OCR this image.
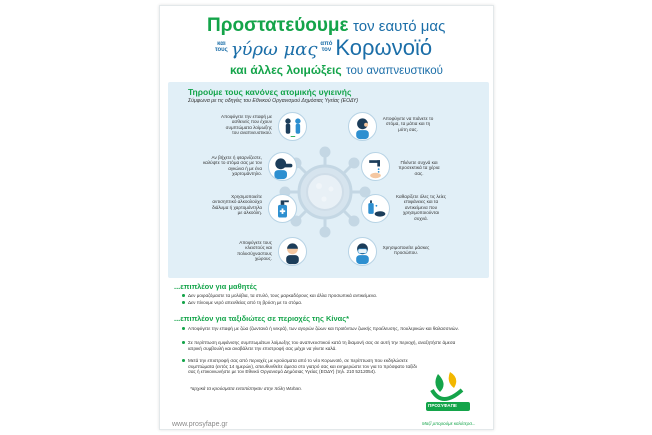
Προστατεύουμε τον εαυτό μας
και
τους γύρω μας από
τον Κορωνοϊό
και άλλες λοιμώξεις του αναπνευστικού
Τηρούμε τους κανόνες ατομικής υγιεινής
Σύμφωνα με τις οδηγίες του Εθνικού Οργανισμού Δημόσιας Υγείας (ΕΟΔΥ)
Αποφύγετε την επαφή με ασθενείς που έχουν συμπτώματα λοίμωξης του αναπνευστικού.
Αποφύγετε να πιάνετε το στόμα, τα μάτια και τη μύτη σας.
Αν βήχετε ή φταρνίζεστε, καλύψτε το στόμα σας με τον αγκώνα ή με ένα χαρτομάντηλο.
Πλένετε συχνά και προσεκτικά τα χέρια σας.
Χρησιμοποιείτε αντισηπτικό αλκοολούχο διάλυμα ή χαρτομάντηλο με αλκοόλη.
Καθαρίζετε όλες τις λείες επιφάνειες και τα αντικείμενα που χρησιμοποιούνται συχνά.
Αποφύγετε τους κλειστούς και πολυσύχναστους χώρους.
Χρησιμοποιείτε μάσκες προσώπου.
...επιπλέον για μαθητές
Δεν μοιραζόμαστε τα μολύβια, τα στυλό, τους μαρκαδόρους και άλλα προσωπικά αντικείμενα.
Δεν πίνουμε νερό απευθείας από τη βρύση με το στόμα.
...επιπλέον για ταξιδιώτες σε περιοχές της Κίνας*
Αποφύγετε την επαφή με ζώα (ζωντανά ή νεκρά), των αγορών ζώων και προϊόντων ζωικής προέλευσης, πουλερικών και θαλασσινών.
Σε περίπτωση εμφάνισης συμπτωμάτων λοίμωξης του αναπνευστικού κατά τη διαμονή σας σε αυτή την περιοχή, αναζητήστε άμεσα ιατρική συμβουλή και αναβάλετε την επιστροφή σας μέχρι να γίνετε καλά.
Μετά την επιστροφή σας από περιοχές με κρούσματα από το νέο Κορωνοϊό, σε περίπτωση που εκδηλώσετε συμπτώματα (εντός 14 ημερών), απευθυνθείτε άμεσα στο γιατρό σας και ενημερώστε τον για το πρόσφατο ταξίδι σας ή επικοινωνήστε με τον Εθνικό Οργανισμό Δημόσιας Υγείας (ΕΟΔΥ) (τηλ. 210 5212054).
*αρχικά τα κρούσματα εντοπίστηκαν στην πόλη Wuhan.
ΠΡΟΣΥΦΑΠΕ
Μαζί μπορούμε καλύτερα...
www.prosyfape.gr
